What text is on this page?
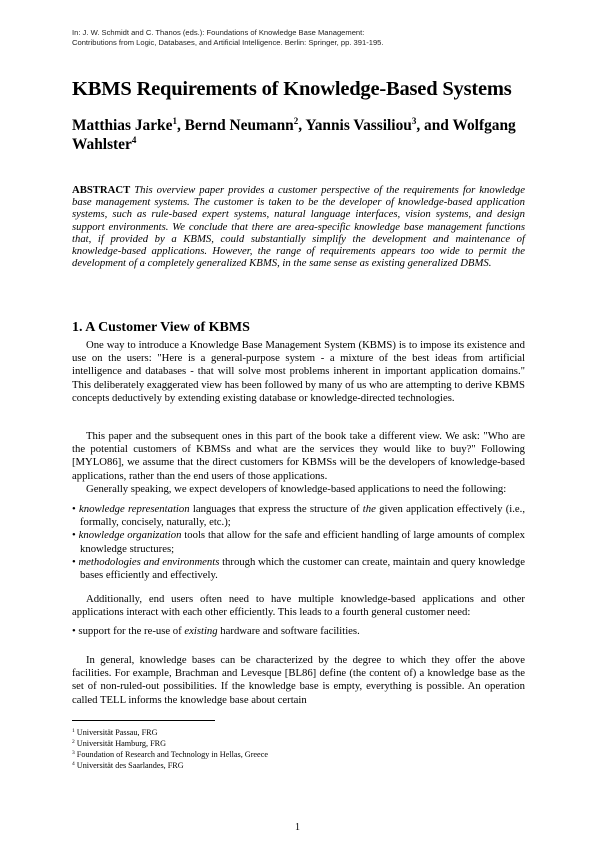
In: J. W. Schmidt and C. Thanos (eds.): Foundations of Knowledge Base Management:
Contributions from Logic, Databases, and Artificial Intelligence. Berlin: Springer, pp. 391-195.
KBMS Requirements of Knowledge-Based Systems
Matthias Jarke$^1$, Bernd Neumann$^2$, Yannis Vassiliou$^3$, and Wolfgang Wahlster$^4$
ABSTRACT This overview paper provides a customer perspective of the requirements for knowledge base management systems. The customer is taken to be the developer of knowledge-based application systems, such as rule-based expert systems, natural language interfaces, vision systems, and design support environments. We conclude that there are area-specific knowledge base management functions that, if provided by a KBMS, could substantially simplify the development and maintenance of knowledge-based applications. However, the range of requirements appears too wide to permit the development of a completely generalized KBMS, in the same sense as existing generalized DBMS.
1. A Customer View of KBMS

One way to introduce a Knowledge Base Management System (KBMS) is to impose its existence and use on the users: "Here is a general-purpose system - a mixture of the best ideas from artificial intelligence and databases - that will solve most problems inherent in important application domains." This deliberately exaggerated view has been followed by many of us who are attempting to derive KBMS concepts deductively by extending existing database or knowledge-directed technologies.

This paper and the subsequent ones in this part of the book take a different view. We ask: "Who are the potential customers of KBMSs and what are the services they would like to buy?" Following [MYLO86], we assume that the direct customers for KBMSs will be the developers of knowledge-based applications, rather than the end users of those applications.

Generally speaking, we expect developers of knowledge-based applications to need the following:

• knowledge representation languages that express the structure of the given application effectively (i.e., formally, concisely, naturally, etc.);

• knowledge organization tools that allow for the safe and efficient handling of large amounts of complex knowledge structures;

• methodologies and environments through which the customer can create, maintain and query knowledge bases efficiently and effectively.

Additionally, end users often need to have multiple knowledge-based applications and other applications interact with each other efficiently. This leads to a fourth general customer need:

• support for the re-use of existing hardware and software facilities.

In general, knowledge bases can be characterized by the degree to which they offer the above facilities. For example, Brachman and Levesque [BL86] define (the content of) a knowledge base as the set of non-ruled-out possibilities. If the knowledge base is empty, everything is possible. An operation called TELL informs the knowledge base about certain

$^1$ Universität Passau, FRG
$^2$ Universität Hamburg, FRG
$^3$ Foundation of Research and Technology in Hellas, Greece
$^4$ Universität des Saarlandes, FRG
1
